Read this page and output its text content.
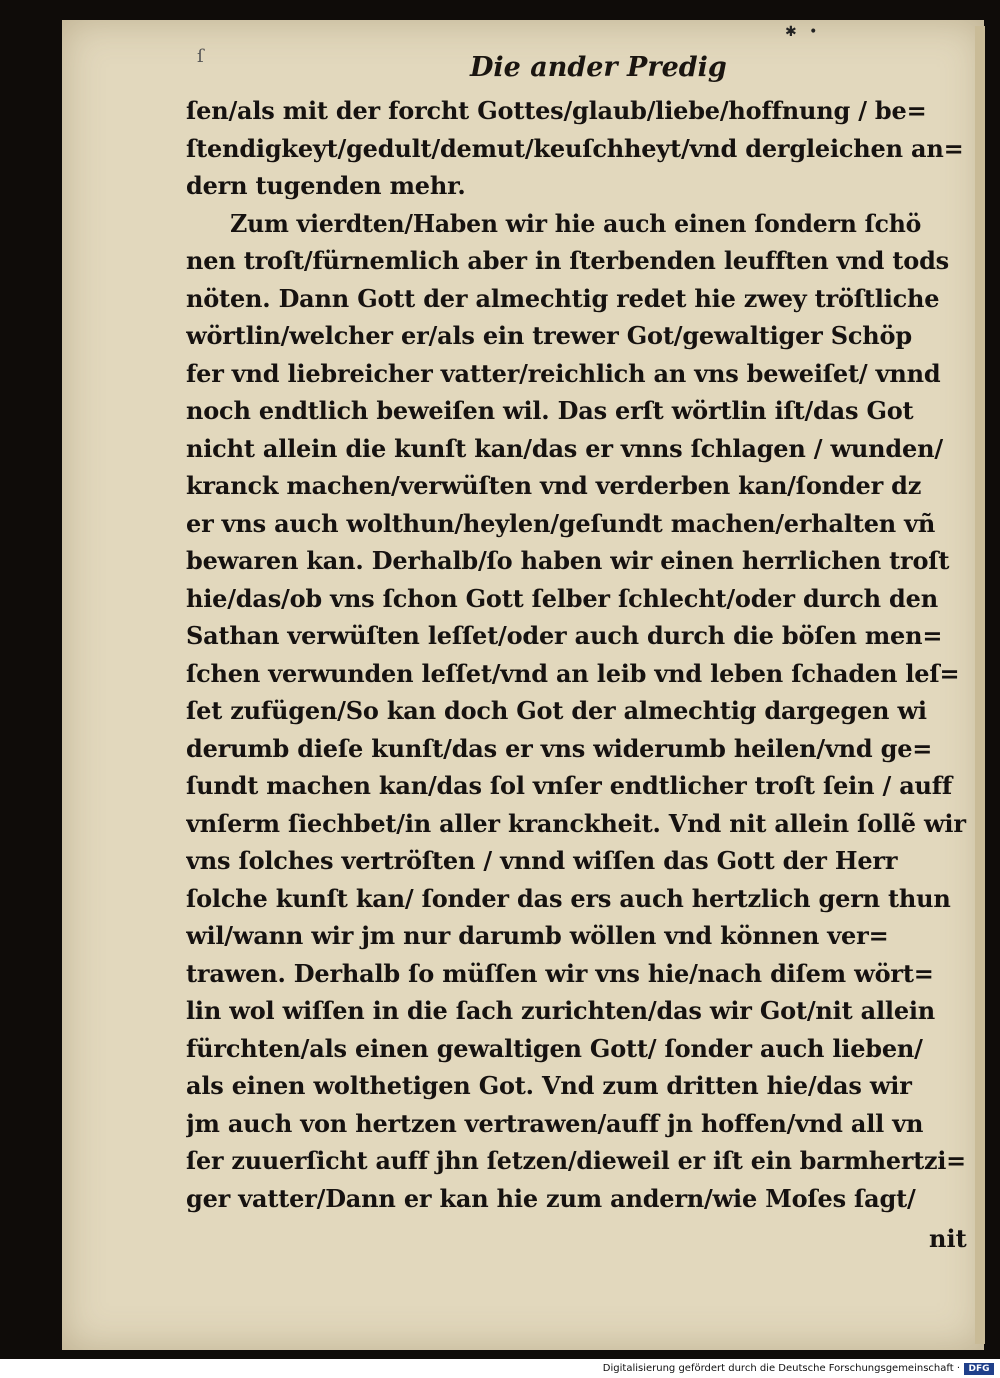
✱ •
ſ	Die ander Predig
ſen/als mit der forcht Gottes/glaub/liebe/hoffnung / be=
ſtendigkeyt/gedult/demut/keuſchheyt/vnd dergleichen an=
dern tugenden mehr.
Zum vierdten/Haben wir hie auch einen ſondern ſchö
nen troſt/fürnemlich aber in ſterbenden leufften vnd tods
nöten. Dann Gott der almechtig redet hie zwey tröſtliche
wörtlin/welcher er/als ein trewer Got/gewaltiger Schöp
fer vnd liebreicher vatter/reichlich an vns beweiſet/ vnnd
noch endtlich beweiſen wil. Das erſt wörtlin iſt/das Got
nicht allein die kunſt kan/das er vnns ſchlagen / wunden/
kranck machen/verwüſten vnd verderben kan/ſonder dz
er vns auch wolthun/heylen/geſundt machen/erhalten vñ
bewaren kan. Derhalb/ſo haben wir einen herrlichen troſt
hie/das/ob vns ſchon Gott ſelber ſchlecht/oder durch den
Sathan verwüſten leſſet/oder auch durch die böſen men=
ſchen verwunden leſſet/vnd an leib vnd leben ſchaden leſ=
ſet zufügen/So kan doch Got der almechtig dargegen wi
derumb dieſe kunſt/das er vns widerumb heilen/vnd ge=
ſundt machen kan/das ſol vnſer endtlicher troſt ſein / auff
vnſerm ſiechbet/in aller kranckheit. Vnd nit allein ſollẽ wir
vns ſolches vertröſten / vnnd wiſſen das Gott der Herr
ſolche kunſt kan/ ſonder das ers auch hertzlich gern thun
wil/wann wir jm nur darumb wöllen vnd können ver=
trawen. Derhalb ſo müſſen wir vns hie/nach diſem wört=
lin wol wiſſen in die ſach zurichten/das wir Got/nit allein
fürchten/als einen gewaltigen Gott/ ſonder auch lieben/
als einen wolthetigen Got. Vnd zum dritten hie/das wir
jm auch von hertzen vertrawen/auff jn hoffen/vnd all vn
ſer zuuerſicht auff jhn ſetzen/dieweil er iſt ein barmhertzi=
ger vatter/Dann er kan hie zum andern/wie Moſes ſagt/
nit
Digitalisierung gefördert durch die Deutsche Forschungsgemeinschaft · DFG
